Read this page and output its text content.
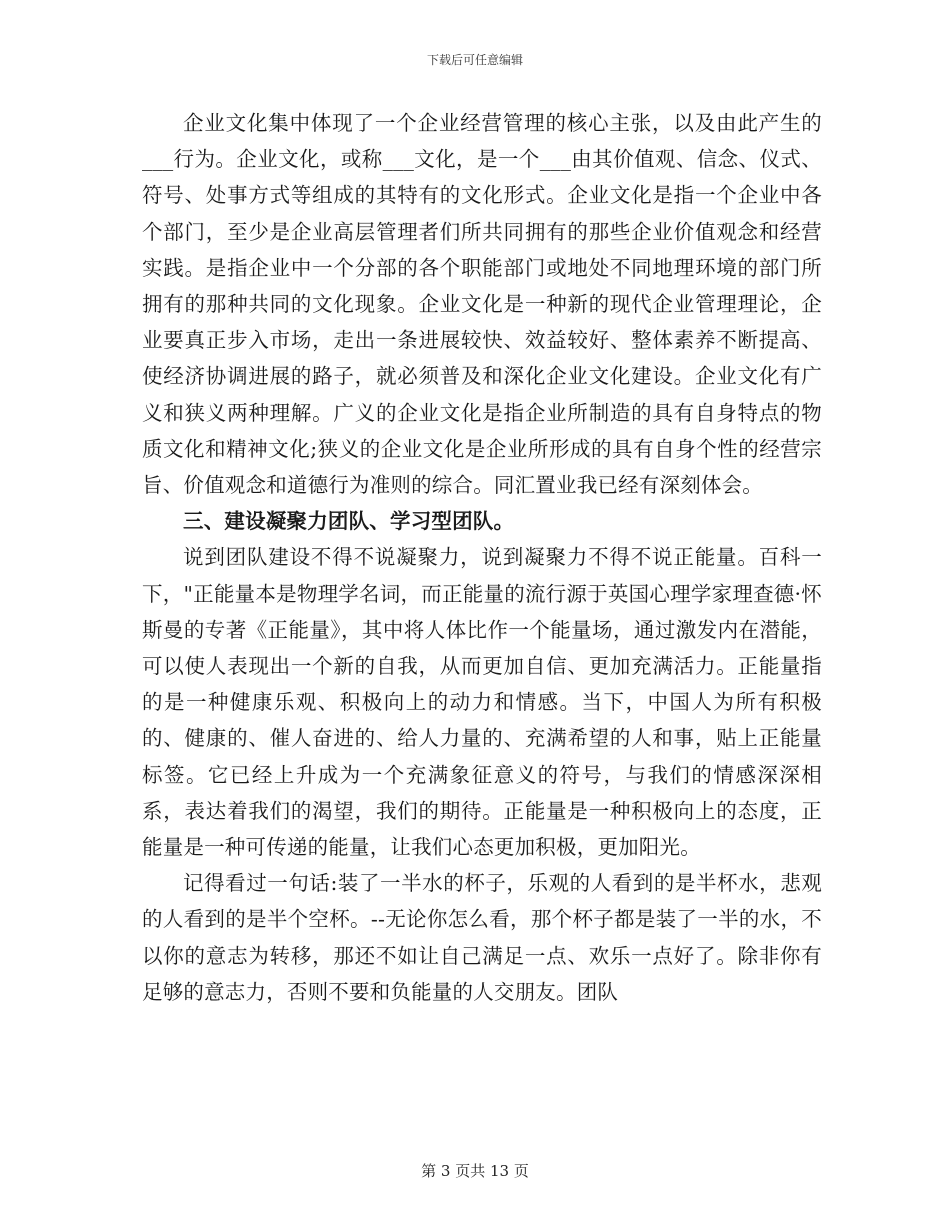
下载后可任意编辑

企业文化集中体现了一个企业经营管理的核心主张，以及由此产生的___行为。企业文化，或称___文化，是一个___由其价值观、信念、仪式、符号、处事方式等组成的其特有的文化形式。企业文化是指一个企业中各个部门，至少是企业高层管理者们所共同拥有的那些企业价值观念和经营实践。是指企业中一个分部的各个职能部门或地处不同地理环境的部门所拥有的那种共同的文化现象。企业文化是一种新的现代企业管理理论，企业要真正步入市场，走出一条进展较快、效益较好、整体素养不断提高、使经济协调进展的路子，就必须普及和深化企业文化建设。企业文化有广义和狭义两种理解。广义的企业文化是指企业所制造的具有自身特点的物质文化和精神文化;狭义的企业文化是企业所形成的具有自身个性的经营宗旨、价值观念和道德行为准则的综合。同汇置业我已经有深刻体会。

三、建设凝聚力团队、学习型团队。

说到团队建设不得不说凝聚力，说到凝聚力不得不说正能量。百科一下，"正能量本是物理学名词，而正能量的流行源于英国心理学家理查德·怀斯曼的专著《正能量》，其中将人体比作一个能量场，通过激发内在潜能，可以使人表现出一个新的自我，从而更加自信、更加充满活力。正能量指的是一种健康乐观、积极向上的动力和情感。当下，中国人为所有积极的、健康的、催人奋进的、给人力量的、充满希望的人和事，贴上正能量标签。它已经上升成为一个充满象征意义的符号，与我们的情感深深相系，表达着我们的渴望，我们的期待。正能量是一种积极向上的态度，正能量是一种可传递的能量，让我们心态更加积极，更加阳光。

记得看过一句话:装了一半水的杯子，乐观的人看到的是半杯水，悲观的人看到的是半个空杯。--无论你怎么看，那个杯子都是装了一半的水，不以你的意志为转移，那还不如让自己满足一点、欢乐一点好了。除非你有足够的意志力，否则不要和负能量的人交朋友。团队

第 3 页共 13 页
